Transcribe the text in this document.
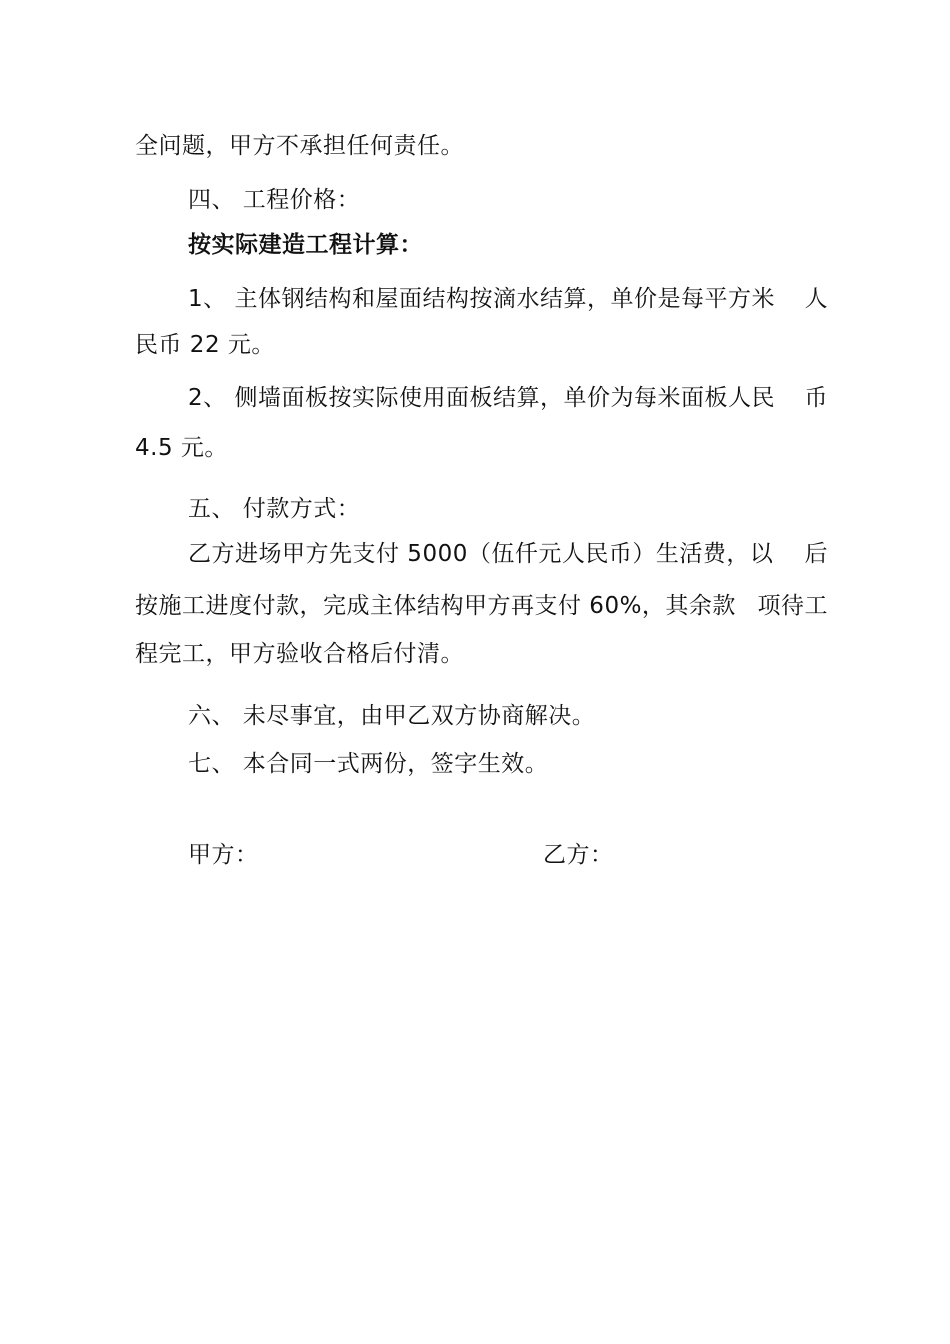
全问题，甲方不承担任何责任。
四、 工程价格：
按实际建造工程计算：
1、 主体钢结构和屋面结构按滴水结算，单价是每平方米 人
民币 22 元。
2、 侧墙面板按实际使用面板结算，单价为每米面板人民 币
4.5 元。
五、 付款方式：
乙方进场甲方先支付 5000（伍仟元人民币）生活费，以 后
按施工进度付款，完成主体结构甲方再支付 60%，其余款 项待工
程完工，甲方验收合格后付清。
六、 未尽事宜，由甲乙双方协商解决。
七、 本合同一式两份，签字生效。
甲方：	乙方：
